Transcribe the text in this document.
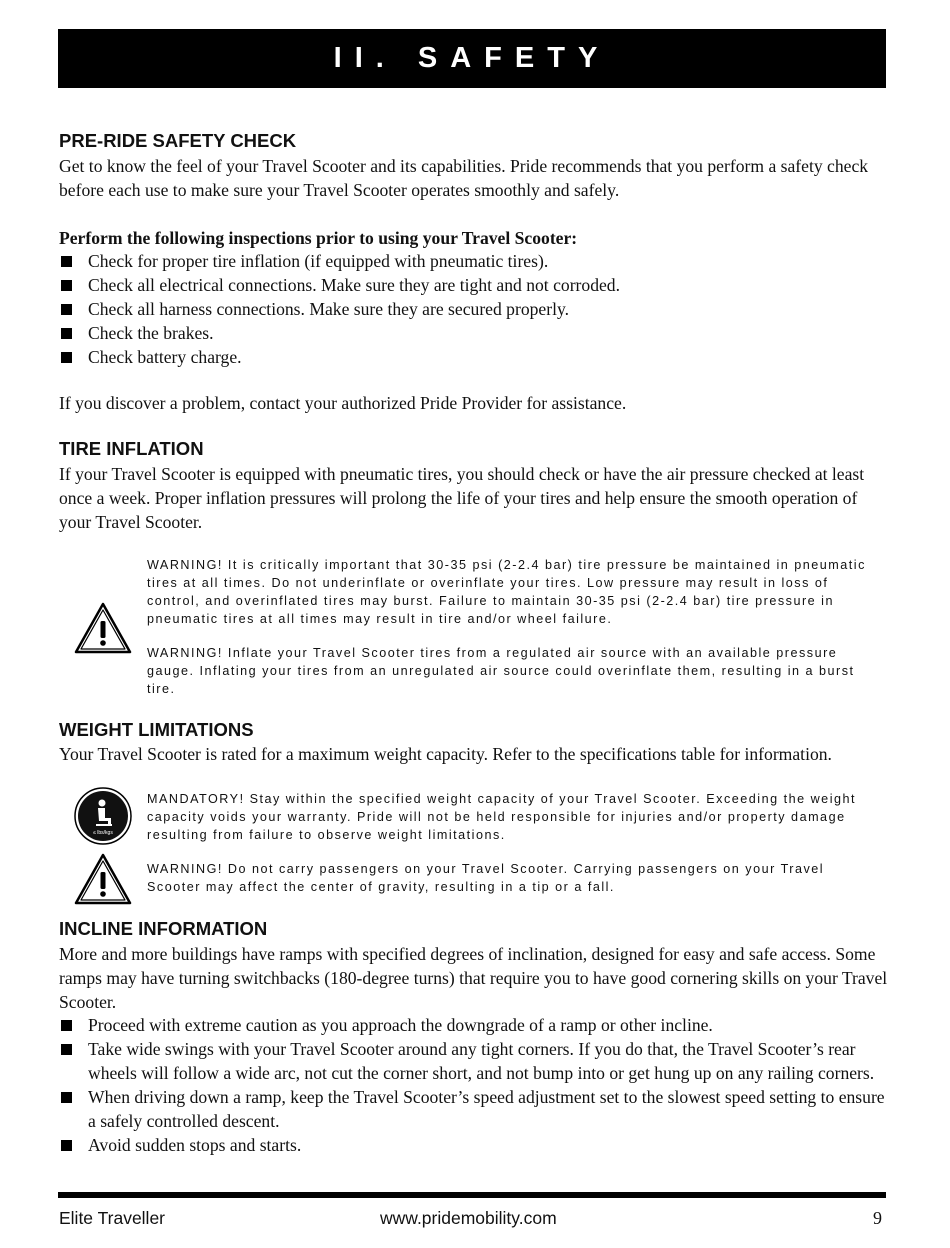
II. SAFETY
PRE-RIDE SAFETY CHECK

Get to know the feel of your Travel Scooter and its capabilities. Pride recommends that you perform a safety check before each use to make sure your Travel Scooter operates smoothly and safely.

Perform the following inspections prior to using your Travel Scooter:

Check for proper tire inflation (if equipped with pneumatic tires).
Check all electrical connections. Make sure they are tight and not corroded.
Check all harness connections. Make sure they are secured properly.
Check the brakes.
Check battery charge.

If you discover a problem, contact your authorized Pride Provider for assistance.

TIRE INFLATION

If your Travel Scooter is equipped with pneumatic tires, you should check or have the air pressure checked at least once a week. Proper inflation pressures will prolong the life of your tires and help ensure the smooth operation of your Travel Scooter.

WARNING! It is critically important that 30-35 psi (2-2.4 bar) tire pressure be maintained in pneumatic tires at all times. Do not underinflate or overinflate your tires. Low pressure may result in loss of control, and overinflated tires may burst. Failure to maintain 30-35 psi (2-2.4 bar) tire pressure in pneumatic tires at all times may result in tire and/or wheel failure.

WARNING! Inflate your Travel Scooter tires from a regulated air source with an available pressure gauge. Inflating your tires from an unregulated air source could overinflate them, resulting in a burst tire.

WEIGHT LIMITATIONS

Your Travel Scooter is rated for a maximum weight capacity. Refer to the specifications table for information.

≤ lbs/kgs

MANDATORY! Stay within the specified weight capacity of your Travel Scooter. Exceeding the weight capacity voids your warranty. Pride will not be held responsible for injuries and/or property damage resulting from failure to observe weight limitations.

WARNING! Do not carry passengers on your Travel Scooter. Carrying passengers on your Travel Scooter may affect the center of gravity, resulting in a tip or a fall.

INCLINE INFORMATION

More and more buildings have ramps with specified degrees of inclination, designed for easy and safe access. Some ramps may have turning switchbacks (180-degree turns) that require you to have good cornering skills on your Travel Scooter.

Proceed with extreme caution as you approach the downgrade of a ramp or other incline.
Take wide swings with your Travel Scooter around any tight corners. If you do that, the Travel Scooter’s rear wheels will follow a wide arc, not cut the corner short, and not bump into or get hung up on any railing corners.
When driving down a ramp, keep the Travel Scooter’s speed adjustment set to the slowest speed setting to ensure a safely controlled descent.
Avoid sudden stops and starts.
Elite Traveller	www.pridemobility.com	9
